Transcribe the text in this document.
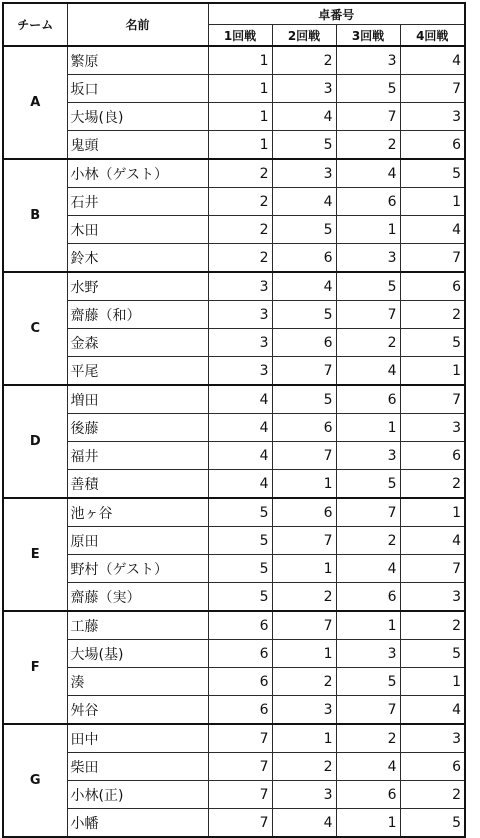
チーム	名前	卓番号			
		1回戦	2回戦	3回戦	4回戦
A	繁原	1	2	3	4
	坂口	1	3	5	7
	大場(良)	1	4	7	3
	鬼頭	1	5	2	6
B	小林（ゲスト）	2	3	4	5
	石井	2	4	6	1
	木田	2	5	1	4
	鈴木	2	6	3	7
C	水野	3	4	5	6
	齋藤（和）	3	5	7	2
	金森	3	6	2	5
	平尾	3	7	4	1
D	増田	4	5	6	7
	後藤	4	6	1	3
	福井	4	7	3	6
	善積	4	1	5	2
E	池ヶ谷	5	6	7	1
	原田	5	7	2	4
	野村（ゲスト）	5	1	4	7
	齋藤（実）	5	2	6	3
F	工藤	6	7	1	2
	大場(基)	6	1	3	5
	湊	6	2	5	1
	舛谷	6	3	7	4
G	田中	7	1	2	3
	柴田	7	2	4	6
	小林(正)	7	3	6	2
	小幡	7	4	1	5
